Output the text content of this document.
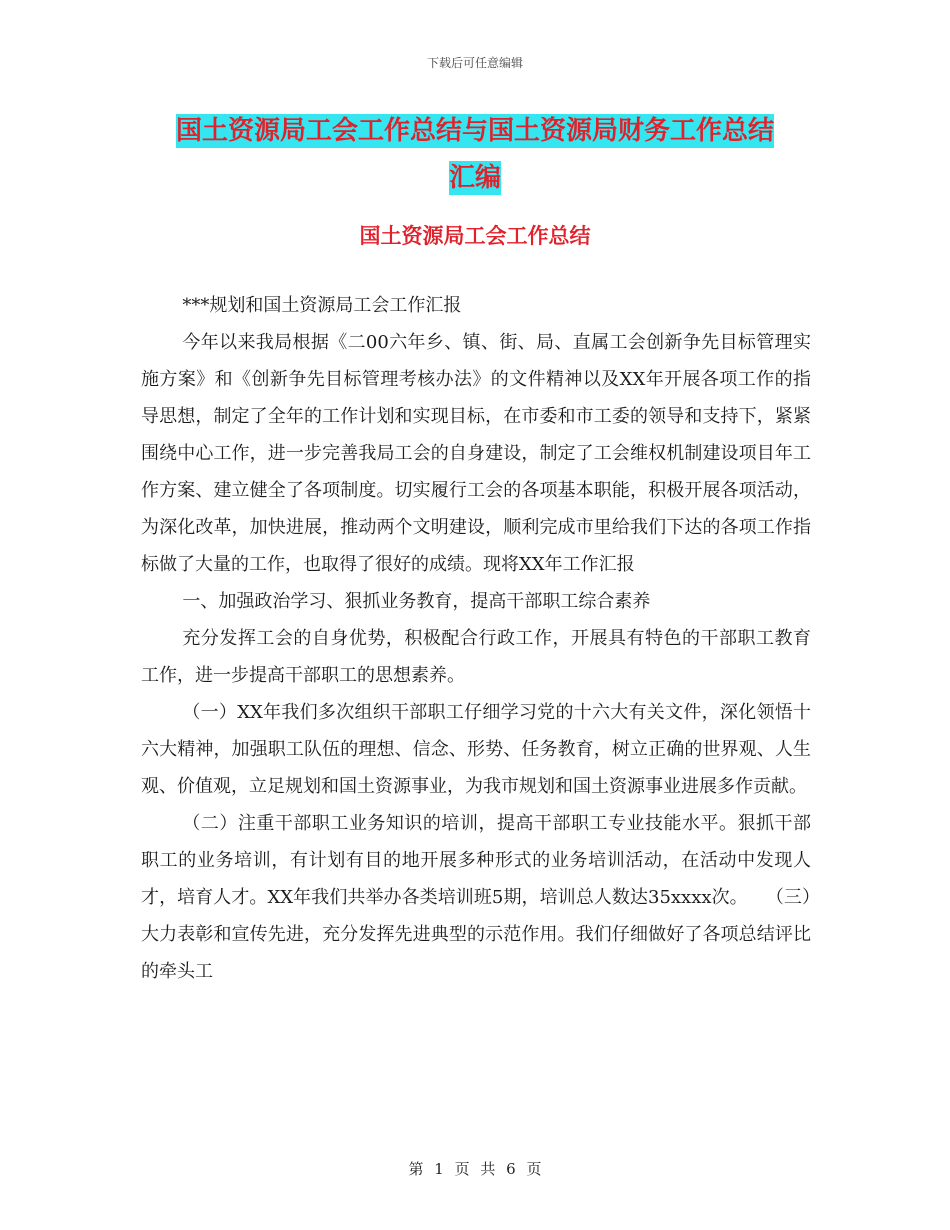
下载后可任意编辑
国土资源局工会工作总结与国土资源局财务工作总结
汇编
国土资源局工会工作总结

***规划和国土资源局工会工作汇报

今年以来我局根据《二00六年乡、镇、街、局、直属工会创新争先目标管理实施方案》和《创新争先目标管理考核办法》的文件精神以及XX年开展各项工作的指导思想，制定了全年的工作计划和实现目标，在市委和市工委的领导和支持下，紧紧围绕中心工作，进一步完善我局工会的自身建设，制定了工会维权机制建设项目年工作方案、建立健全了各项制度。切实履行工会的各项基本职能，积极开展各项活动，为深化改革，加快进展，推动两个文明建设，顺利完成市里给我们下达的各项工作指标做了大量的工作，也取得了很好的成绩。现将XX年工作汇报

一、加强政治学习、狠抓业务教育，提高干部职工综合素养

充分发挥工会的自身优势，积极配合行政工作，开展具有特色的干部职工教育工作，进一步提高干部职工的思想素养。

（一）XX年我们多次组织干部职工仔细学习党的十六大有关文件，深化领悟十六大精神，加强职工队伍的理想、信念、形势、任务教育，树立正确的世界观、人生观、价值观，立足规划和国土资源事业，为我市规划和国土资源事业进展多作贡献。

（二）注重干部职工业务知识的培训，提高干部职工专业技能水平。狠抓干部职工的业务培训，有计划有目的地开展多种形式的业务培训活动，在活动中发现人才，培育人才。XX年我们共举办各类培训班5期，培训总人数达35xxxx次。　　（三）大力表彰和宣传先进，充分发挥先进典型的示范作用。我们仔细做好了各项总结评比的牵头工

第 1 页 共 6 页
